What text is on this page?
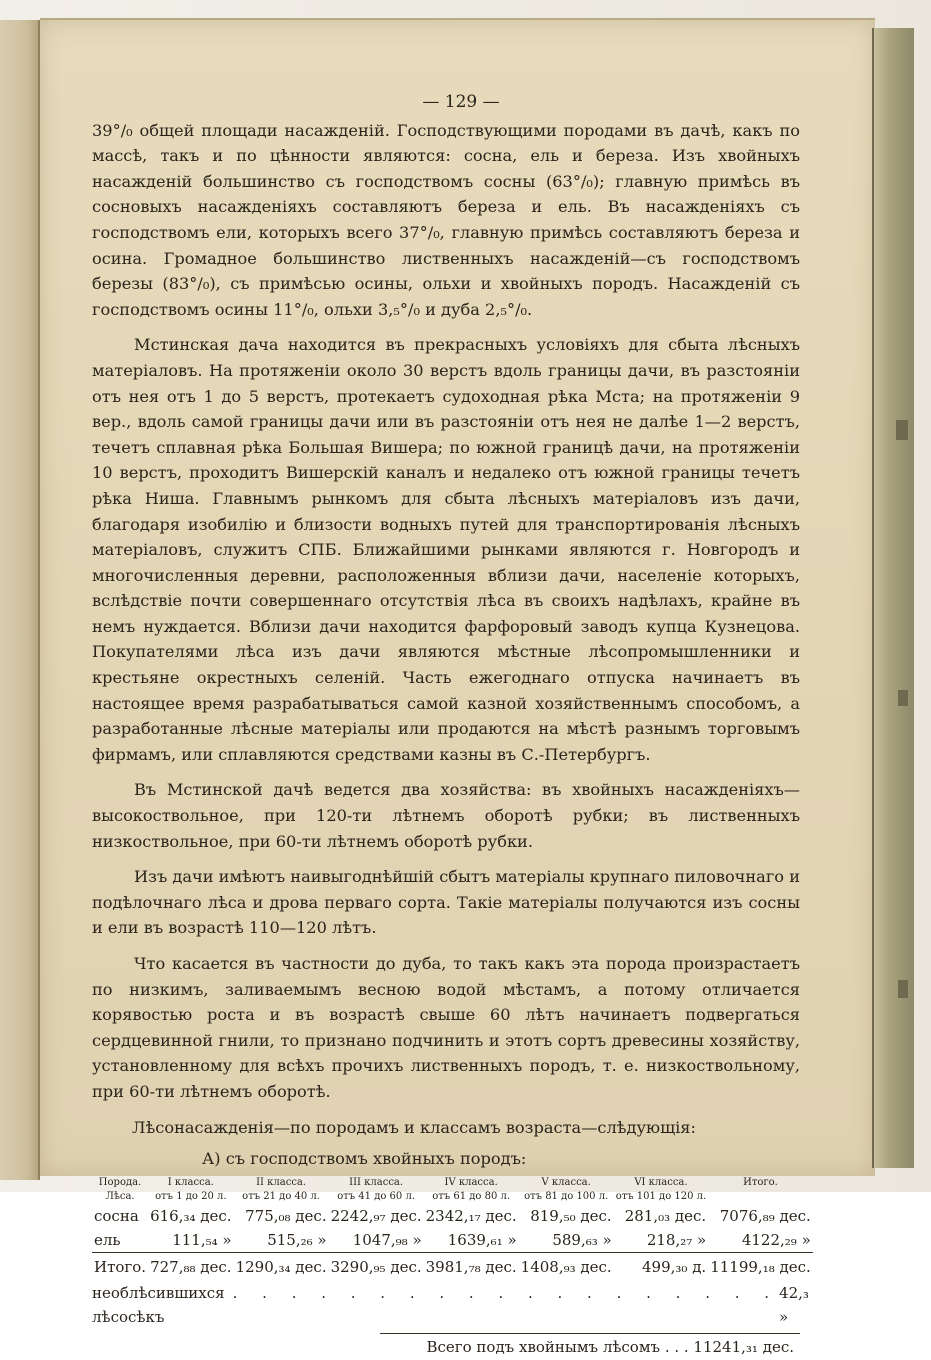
— 129 —

39°/₀ общей площади насажденій. Господствующими породами въ дачѣ, какъ по массѣ, такъ и по цѣнности являются: сосна, ель и береза. Изъ хвойныхъ насажденій большинство съ господствомъ сосны (63°/₀); главную примѣсь въ сосновыхъ насажденіяхъ составляютъ береза и ель. Въ насажденіяхъ съ господствомъ ели, которыхъ всего 37°/₀, главную примѣсь составляютъ береза и осина. Громадное большинство лиственныхъ насажденій—съ господствомъ березы (83°/₀), съ примѣсью осины, ольхи и хвойныхъ породъ. Насажденій съ господствомъ осины 11°/₀, ольхи 3,₅°/₀ и дуба 2,₅°/₀.

Мстинская дача находится въ прекрасныхъ условіяхъ для сбыта лѣсныхъ матеріаловъ. На протяженіи около 30 верстъ вдоль границы дачи, въ разстояніи отъ нея отъ 1 до 5 верстъ, протекаетъ судоходная рѣка Мста; на протяженіи 9 вер., вдоль самой границы дачи или въ разстояніи отъ нея не далѣе 1—2 верстъ, течетъ сплавная рѣка Большая Вишера; по южной границѣ дачи, на протяженіи 10 верстъ, проходитъ Вишерскій каналъ и недалеко отъ южной границы течетъ рѣка Ниша. Главнымъ рынкомъ для сбыта лѣсныхъ матеріаловъ изъ дачи, благодаря изобилію и близости водныхъ путей для транспортированія лѣсныхъ матеріаловъ, служитъ СПБ. Ближайшими рынками являются г. Новгородъ и многочисленныя деревни, расположенныя вблизи дачи, населеніе которыхъ, вслѣдствіе почти совершеннаго отсутствія лѣса въ своихъ надѣлахъ, крайне въ немъ нуждается. Вблизи дачи находится фарфоровый заводъ купца Кузнецова. Покупателями лѣса изъ дачи являются мѣстные лѣсопромышленники и крестьяне окрестныхъ селеній. Часть ежегоднаго отпуска начинаетъ въ настоящее время разрабатываться самой казной хозяйственнымъ способомъ, а разработанные лѣсные матеріалы или продаются на мѣстѣ разнымъ торговымъ фирмамъ, или сплавляются средствами казны въ С.-Петербургъ.

Въ Мстинской дачѣ ведется два хозяйства: въ хвойныхъ насажденіяхъ—высокоствольное, при 120-ти лѣтнемъ оборотѣ рубки; въ лиственныхъ низкоствольное, при 60-ти лѣтнемъ оборотѣ рубки.

Изъ дачи имѣютъ наивыгоднѣйшій сбытъ матеріалы крупнаго пиловочнаго и подѣлочнаго лѣса и дрова перваго сорта. Такіе матеріалы получаются изъ сосны и ели въ возрастѣ 110—120 лѣтъ.

Что касается въ частности до дуба, то такъ какъ эта порода произрастаетъ по низкимъ, заливаемымъ весною водой мѣстамъ, а потому отличается корявостью роста и въ возрастѣ свыше 60 лѣтъ начинаетъ подвергаться сердцевинной гнили, то признано подчинить и этотъ сортъ древесины хозяйству, установленному для всѣхъ прочихъ лиственныхъ породъ, т. е. низкоствольному, при 60-ти лѣтнемъ оборотѣ.

Лѣсонасажденія—по породамъ и классамъ возраста—слѣдующія:
А) съ господствомъ хвойныхъ породъ:
Порода.	I класса.	II класса.	III класса.	IV класса.	V класса.	VI класса.	Итого.
Лѣса.	отъ 1 до 20 л.	отъ 21 до 40 л.	отъ 41 до 60 л.	отъ 61 до 80 л.	отъ 81 до 100 л.	отъ 101 до 120 л.	
сосна	616,₃₄ дес.	775,₀₈ дес.	2242,₉₇ дес.	2342,₁₇ дес.	819,₅₀ дес.	281,₀₃ дес.	7076,₈₉ дес.
ель	111,₅₄ »	515,₂₆ »	1047,₉₈ »	1639,₆₁ »	589,₆₃ »	218,₂₇ »	4122,₂₉ »
Итого.	727,₈₈ дес.	1290,₃₄ дес.	3290,₉₅ дес.	3981,₇₈ дес.	1408,₉₃ дес.	499,₃₀ д.	11199,₁₈ дес.
необлѣсившихся лѣсосѣкъ
. . . . . . . . . . . . . . . . . . . 42,₃ »
Всего подъ хвойнымъ лѣсомъ . . . 11241,₃₁ дес.
